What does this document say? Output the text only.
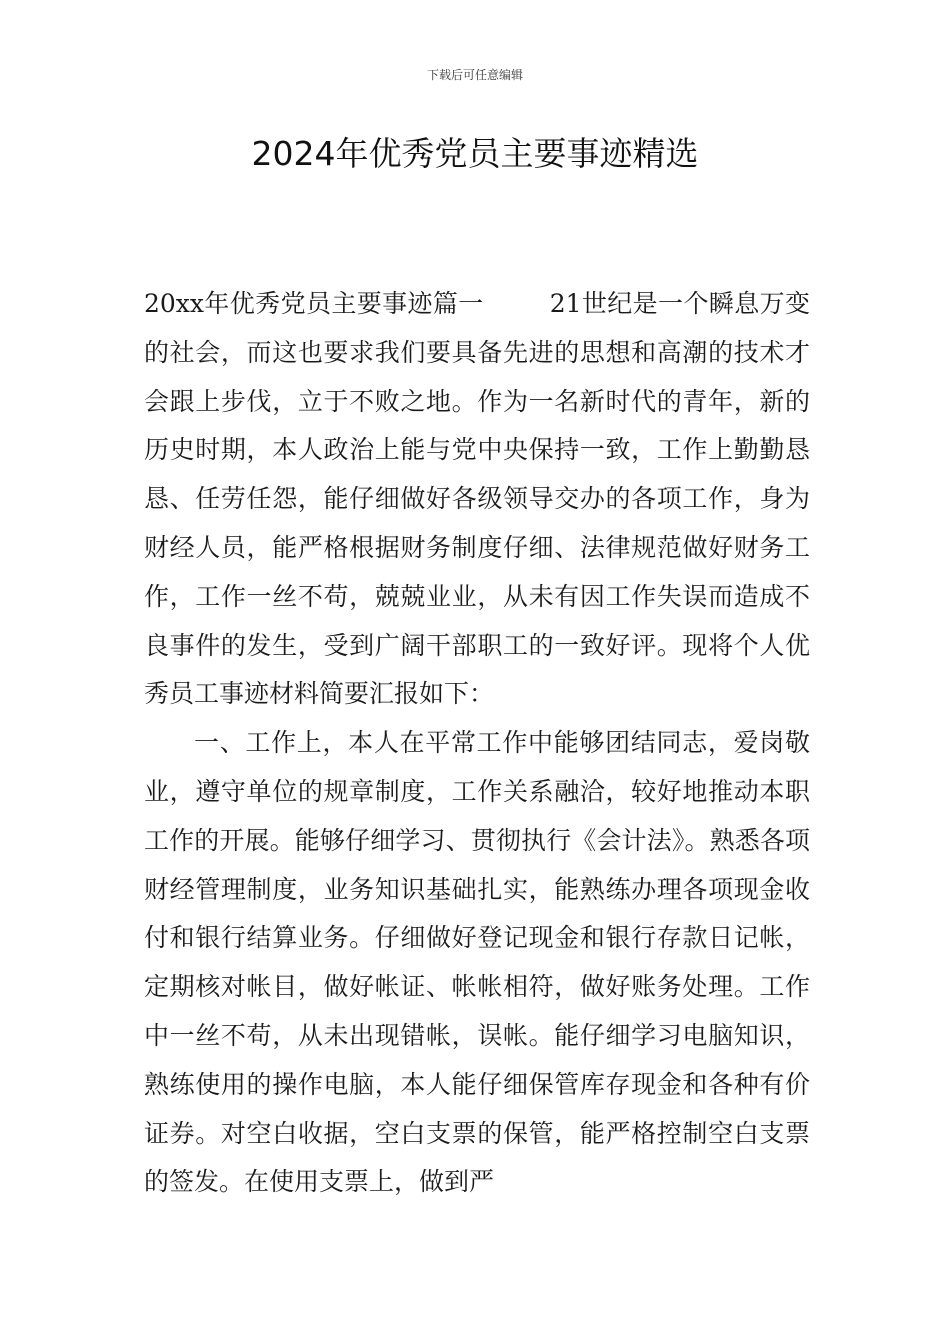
下载后可任意编辑
2024年优秀党员主要事迹精选

20xx年优秀党员主要事迹篇一	21世纪是一个瞬息万变的社会，而这也要求我们要具备先进的思想和高潮的技术才会跟上步伐，立于不败之地。作为一名新时代的青年，新的历史时期，本人政治上能与党中央保持一致，工作上勤勤恳恳、任劳任怨，能仔细做好各级领导交办的各项工作，身为财经人员，能严格根据财务制度仔细、法律规范做好财务工作，工作一丝不苟，兢兢业业，从未有因工作失误而造成不良事件的发生，受到广阔干部职工的一致好评。现将个人优秀员工事迹材料简要汇报如下：

一、工作上，本人在平常工作中能够团结同志，爱岗敬业，遵守单位的规章制度，工作关系融洽，较好地推动本职工作的开展。能够仔细学习、贯彻执行《会计法》。熟悉各项财经管理制度，业务知识基础扎实，能熟练办理各项现金收付和银行结算业务。仔细做好登记现金和银行存款日记帐，定期核对帐目，做好帐证、帐帐相符，做好账务处理。工作中一丝不苟，从未出现错帐，误帐。能仔细学习电脑知识，熟练使用的操作电脑，本人能仔细保管库存现金和各种有价证券。对空白收据，空白支票的保管，能严格控制空白支票的签发。在使用支票上，做到严
